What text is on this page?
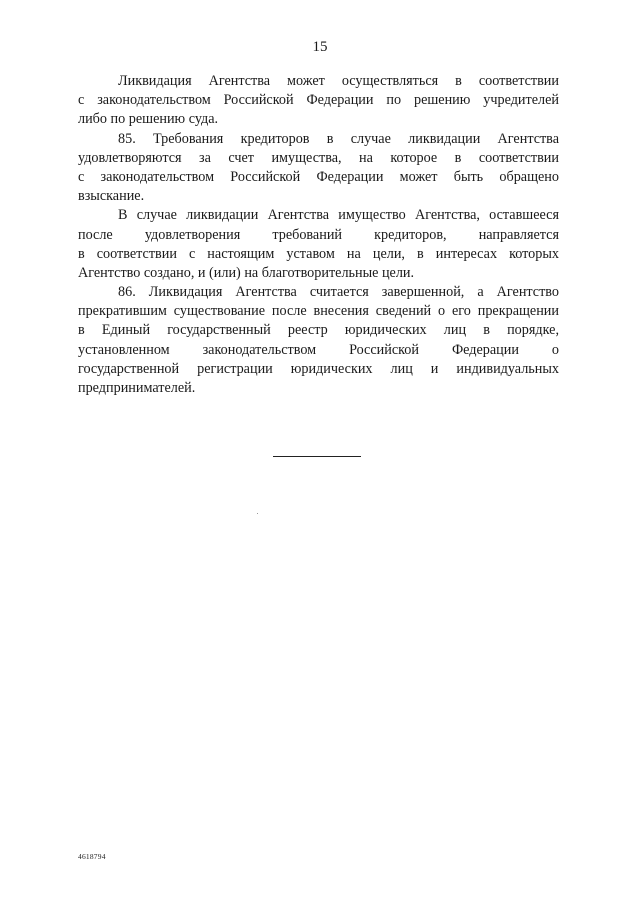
15
Ликвидация Агентства может осуществляться в соответствии
с законодательством Российской Федерации по решению учредителей
либо по решению суда.
85. Требования кредиторов в случае ликвидации Агентства
удовлетворяются за счет имущества, на которое в соответствии
с законодательством Российской Федерации может быть обращено
взыскание.
В случае ликвидации Агентства имущество Агентства, оставшееся
после удовлетворения требований кредиторов, направляется
в соответствии с настоящим уставом на цели, в интересах которых
Агентство создано, и (или) на благотворительные цели.
86. Ликвидация Агентства считается завершенной, а Агентство
прекратившим существование после внесения сведений о его прекращении
в Единый государственный реестр юридических лиц в порядке,
установленном законодательством Российской Федерации о
государственной регистрации юридических лиц и индивидуальных
предпринимателей.
4618794
